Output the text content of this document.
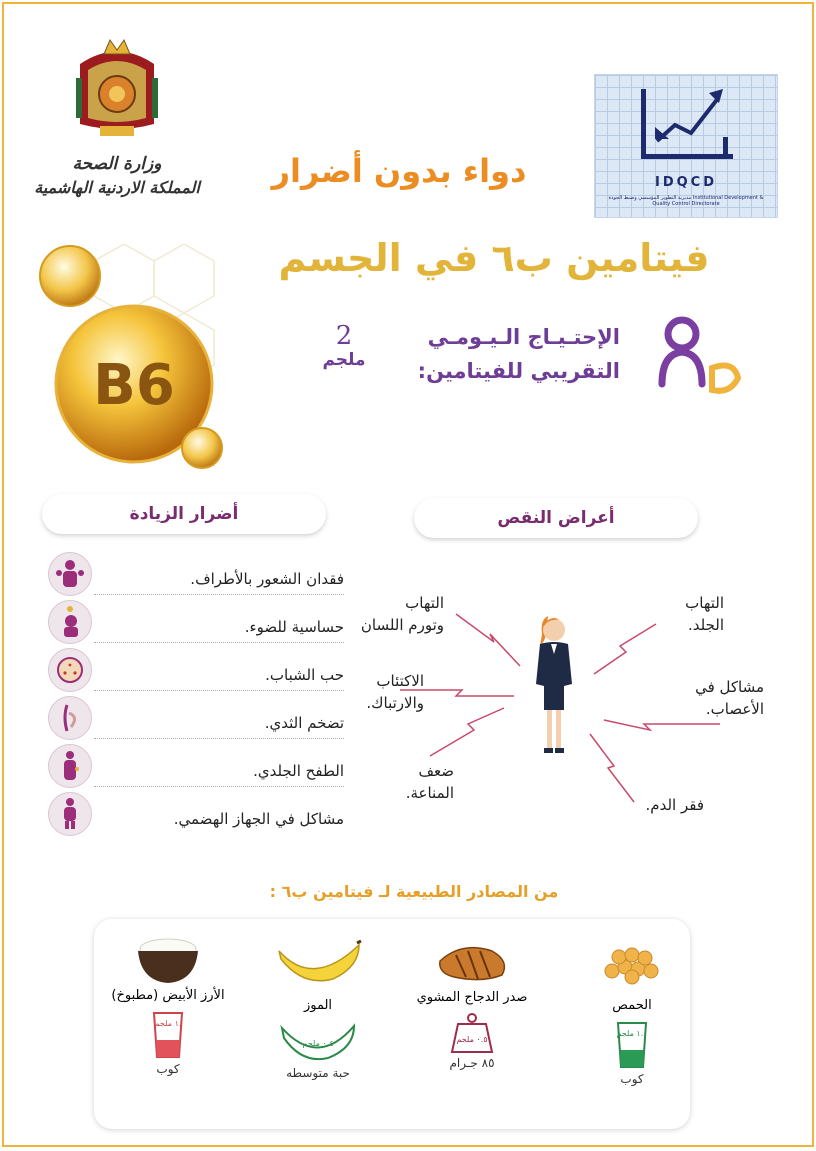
وزارة الصحة
المملكة الاردنية الهاشمية	IDQCD
مديرية التطوير المؤسسي وضبط الجودة Institutional Development & Quality Control Directorate
دواء بدون أضرار
فيتامين ب٦ في الجسم
B6
الإحتـيـاج الـيـومـي
التقريبي للفيتامين:
2
ملجم
أضرار الزيادة	أعراض النقص
فقدان الشعور بالأطراف.
حساسية للضوء.
حب الشباب.
تضخم الثدي.
الطفح الجلدي.
مشاكل في الجهاز الهضمي.
التهاب
وتورم اللسان
التهاب
الجلد.
الاكتئاب
والارتباك.
مشاكل في
الأعصاب.
ضعف
المناعة.
فقر الدم.
من المصادر الطبيعية لـ فيتامين ب٦ :
الحمص
١.١ ملجم
كوب
صدر الدجاج المشوي
٠.٥ ملجم
٨٥ جـرام
الموز
٠.٤ ملجم
حبة متوسطه
الأرز الأبيض (مطبوخ)
.١ ملجم
كوب
